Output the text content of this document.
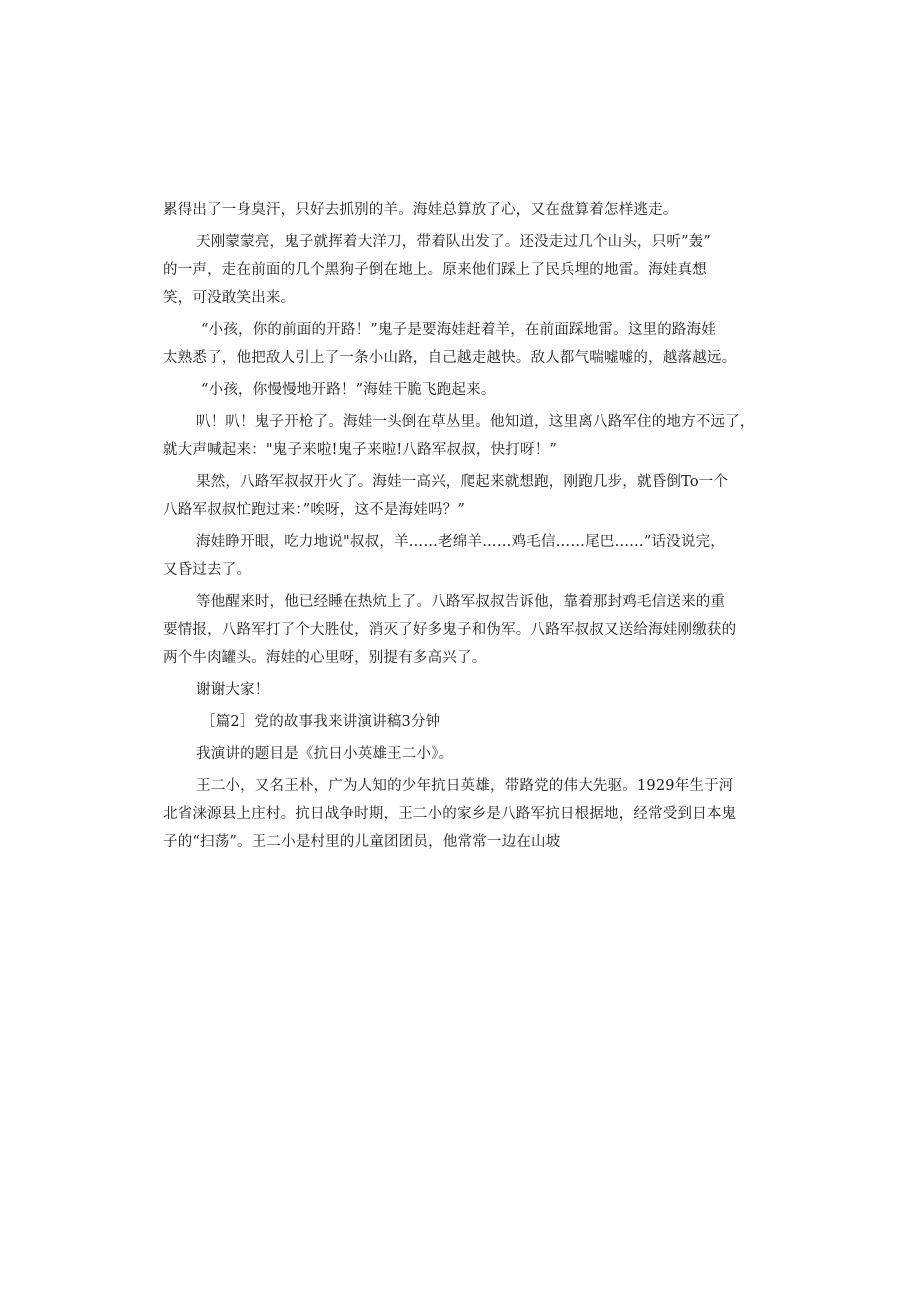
累得出了一身臭汗，只好去抓别的羊。海娃总算放了心，又在盘算着怎样逃走。
天刚蒙蒙亮，鬼子就挥着大洋刀，带着队出发了。还没走过几个山头，只听”轰”
的一声，走在前面的几个黑狗子倒在地上。原来他们踩上了民兵埋的地雷。海娃真想
笑，可没敢笑出来。
“小孩，你的前面的开路！”鬼子是要海娃赶着羊，在前面踩地雷。这里的路海娃
太熟悉了，他把敌人引上了一条小山路，自己越走越快。敌人都气喘嘘嘘的，越落越远。
“小孩，你慢慢地开路！”海娃干脆飞跑起来。
叭！叭！鬼子开枪了。海娃一头倒在草丛里。他知道，这里离八路军住的地方不远了，
就大声喊起来："鬼子来啦!鬼子来啦!八路军叔叔，快打呀！”
果然，八路军叔叔开火了。海娃一高兴，爬起来就想跑，刚跑几步，就昏倒To一个
八路军叔叔忙跑过来：”唉呀，这不是海娃吗？”
海娃睁开眼，吃力地说"叔叔，羊……老绵羊……鸡毛信……尾巴……”话没说完，
又昏过去了。
等他醒来时，他已经睡在热炕上了。八路军叔叔告诉他，靠着那封鸡毛信送来的重
要情报，八路军打了个大胜仗，消灭了好多鬼子和伪军。八路军叔叔又送给海娃刚缴获的
两个牛肉罐头。海娃的心里呀，别提有多高兴了。
谢谢大家！
［篇2］党的故事我来讲演讲稿3分钟
我演讲的题目是《抗日小英雄王二小》。
王二小，又名王朴，广为人知的少年抗日英雄，带路党的伟大先驱。1929年生于河
北省涞源县上庄村。抗日战争时期，王二小的家乡是八路军抗日根据地，经常受到日本鬼
子的“扫荡”。王二小是村里的儿童团团员，他常常一边在山坡
